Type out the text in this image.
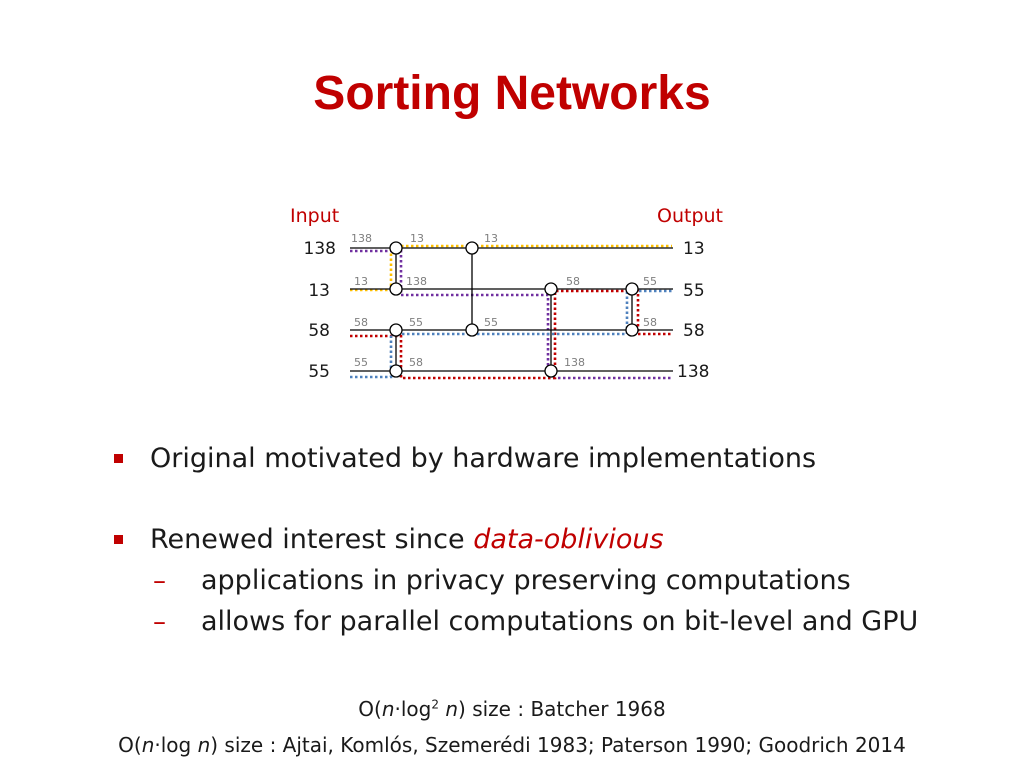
Sorting Networks
Input	Output
138
13
58
55
13
55
58
138
138	13	13
13	138	58	55
58	55	55	58
55	58	138
Original motivated by hardware implementations
Renewed interest since data-oblivious
– applications in privacy preserving computations
– allows for parallel computations on bit-level and GPU
$O(n\cdot\log^2$ n) size : Batcher 1968
O(n·log n) size : Ajtai, Komlós, Szemerédi 1983; Paterson 1990; Goodrich 2014
